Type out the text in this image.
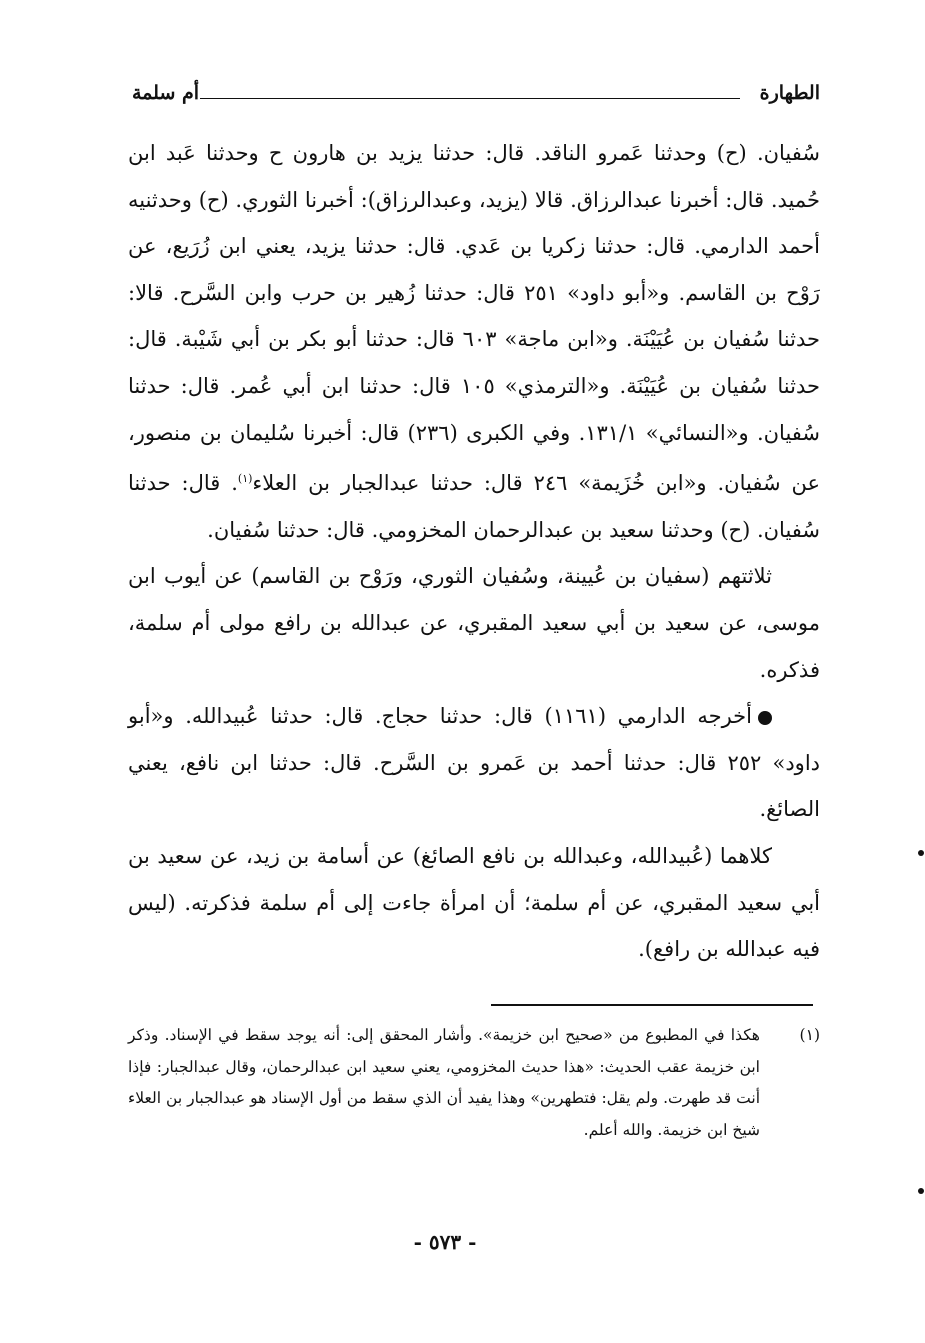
الطهارة
أم سلمة

سُفيان. (ح) وحدثنا عَمرو الناقد. قال: حدثنا يزيد بن هارون ح وحدثنا عَبد ابن حُميد. قال: أخبرنا عبدالرزاق. قالا (يزيد، وعبدالرزاق): أخبرنا الثوري. (ح) وحدثنيه أحمد الدارمي. قال: حدثنا زكريا بن عَدي. قال: حدثنا يزيد، يعني ابن زُرَيع، عن رَوْح بن القاسم. و«أبو داود» ٢٥١ قال: حدثنا زُهير بن حرب وابن السَّرح. قالا: حدثنا سُفيان بن عُيَيْنَة. و«ابن ماجة» ٦٠٣ قال: حدثنا أبو بكر بن أبي شَيْبة. قال: حدثنا سُفيان بن عُيَيْنَة. و«الترمذي» ١٠٥ قال: حدثنا ابن أبي عُمر. قال: حدثنا سُفيان. و«النسائي» ١٣١/١. وفي الكبرى (٢٣٦) قال: أخبرنا سُليمان بن منصور، عن سُفيان. و«ابن خُزَيمة» ٢٤٦ قال: حدثنا عبدالجبار بن العلاء$^{(١)}$. قال: حدثنا سُفيان. (ح) وحدثنا سعيد بن عبدالرحمان المخزومي. قال: حدثنا سُفيان.

ثلاثتهم (سفيان بن عُيينة، وسُفيان الثوري، ورَوْح بن القاسم) عن أيوب ابن موسى، عن سعيد بن أبي سعيد المقبري، عن عبدالله بن رافع مولى أم سلمة، فذكره.

أخرجه الدارمي (١١٦١) قال: حدثنا حجاج. قال: حدثنا عُبيدالله. و«أبو داود» ٢٥٢ قال: حدثنا أحمد بن عَمرو بن السَّرح. قال: حدثنا ابن نافع، يعني الصائغ.

كلاهما (عُبيدالله، وعبدالله بن نافع الصائغ) عن أسامة بن زيد، عن سعيد بن أبي سعيد المقبري، عن أم سلمة؛ أن امرأة جاءت إلى أم سلمة فذكرته. (ليس فيه عبدالله بن رافع).

(١)
هكذا في المطبوع من «صحيح ابن خزيمة». وأشار المحقق إلى: أنه يوجد سقط في الإسناد. وذكر ابن خزيمة عقب الحديث: «هذا حديث المخزومي، يعني سعيد ابن عبدالرحمان، وقال عبدالجبار: فإذا أنت قد طهرت. ولم يقل: فتطهرين» وهذا يفيد أن الذي سقط من أول الإسناد هو عبدالجبار بن العلاء شيخ ابن خزيمة. والله أعلم.
- ٥٧٣ -
